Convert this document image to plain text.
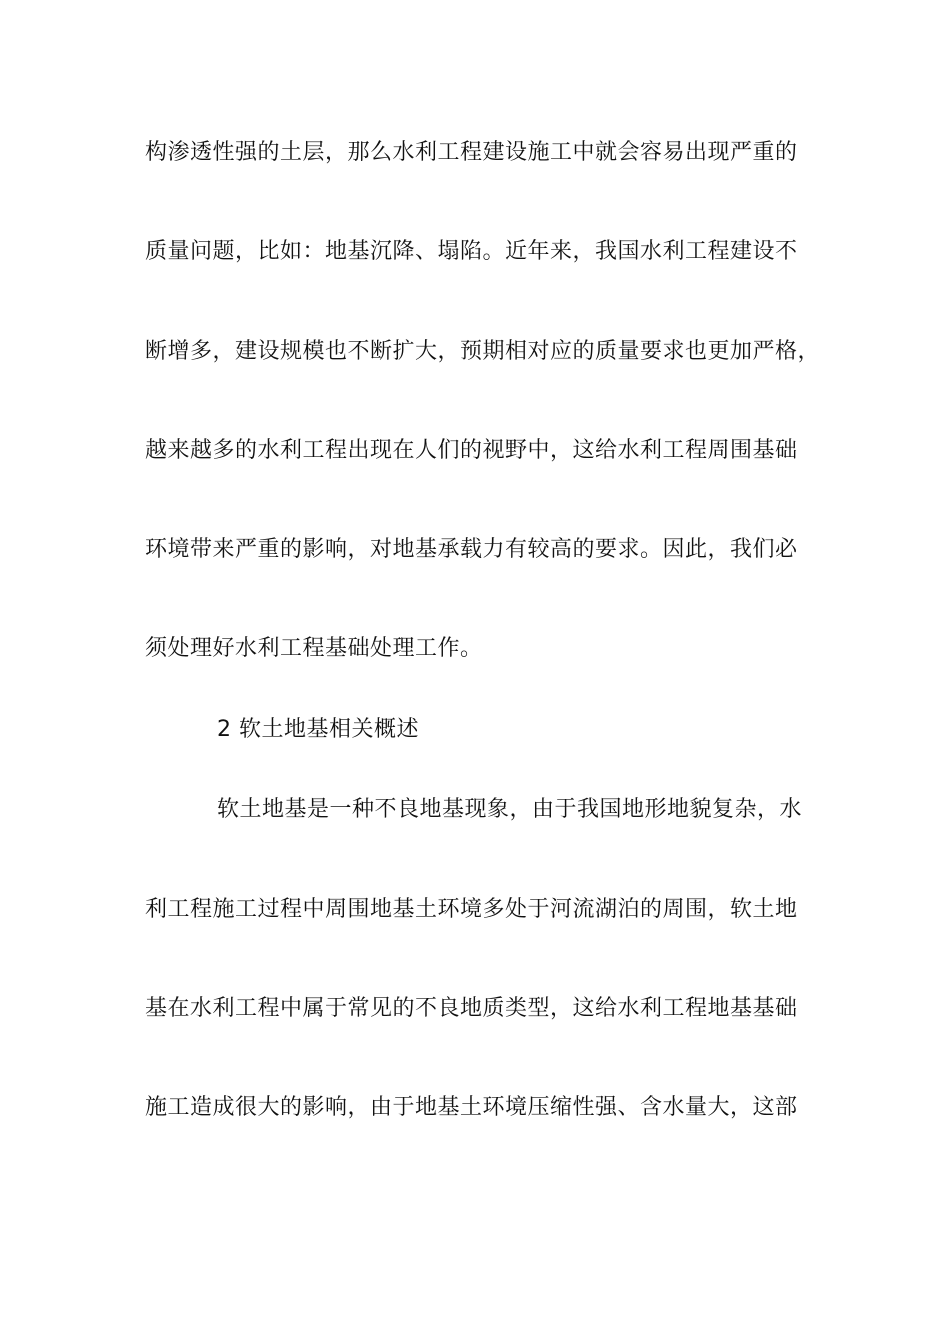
构渗透性强的土层，那么水利工程建设施工中就会容易出现严重的
质量问题，比如：地基沉降、塌陷。近年来，我国水利工程建设不
断增多，建设规模也不断扩大，预期相对应的质量要求也更加严格，
越来越多的水利工程出现在人们的视野中，这给水利工程周围基础
环境带来严重的影响，对地基承载力有较高的要求。因此，我们必
须处理好水利工程基础处理工作。
2 软土地基相关概述
软土地基是一种不良地基现象，由于我国地形地貌复杂，水
利工程施工过程中周围地基土环境多处于河流湖泊的周围，软土地
基在水利工程中属于常见的不良地质类型，这给水利工程地基基础
施工造成很大的影响，由于地基土环境压缩性强、含水量大，这部
